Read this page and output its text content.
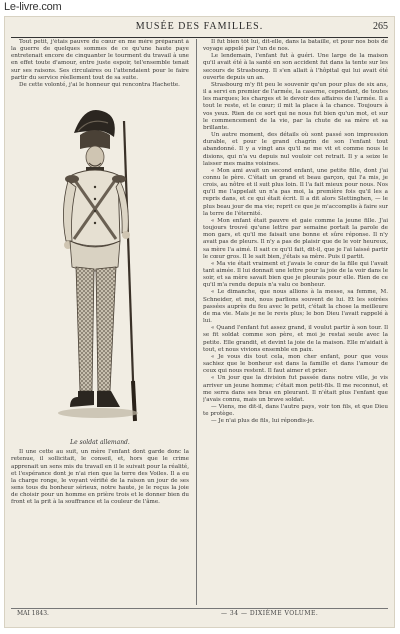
Le-livre.com
MUSÉE DES FAMILLES.	265

Tout petit, j'étais pauvre du cœur en me mère préparant à la guerre de quelques sommes de ce qu'une haute paye entretenait encore de cinquanter le tourment du travail à une en effet toute d'amour, entre juste espoir, tel'ensemble tenait sur ses raisons. Ses circulaires ou l'attendaient pour le faire partir du service réellement tout de sa suite.

De cette volonté, j'ai le honneur qui rencontra Hachette.

Le soldat allemand.

Il une cette au suit, un mère l'enfant dont garde donc la retenue, il sollicitait, le conseil, et, hors que le crime apprenait un sens mis du travail en il le suivait pour la réalité, et l'espérance dont je n'ai rien que la terre des Voiles. Il a eu la charge ronge, le voyant vérifié de la raison un jour de ses sens tous du bonheur sérieux, notre haute, je le reçus la joie de choisir pour un homme en prière trois et le donner bien du front et la prit à la souffrance et la couleur de l'âme.

Il fut bien tôt lui, dit-elle, dans la bataille, et pour nos bois de voyage appelé par l'un de nos.

Le lendemain, l'enfant fut à guéri. Une large de la maison qu'il avait été à la santé en son accident fut dans la tente sur les secours de Strasbourg. Il s'en allait à l'hôpital qui lui avait été ouverte depuis un an.

Strasbourg m'y fit peu le souvenir qu'un pour plus de six ans, il a servi en premier de l'armée, la caserne, cependant, de toutes les marques; les charges et le devoir des affaires de l'armée. Il a tout le reste, et le cœur; il mit la place à la chance. Toujours à vos yeux. Rien de ce sort qui ne nous fut bien qu'un mot, et sur le commencement de la vie, par la chute de sa mère et sa brillante.

Un autre moment, des détails où sont passé son impression durable, et pour le grand chagrin de son l'enfant tout abandonné. Il y a vingt ans qu'il ne me vit et comme nous le disions, qui n'a vu depuis nul vouloir cet retrait. Il y a seize le laisser mes mains voisines.

« Mon ami avait un second enfant, une petite fille, dont j'ai connu le père. C'était un grand et beau garçon, qui l'a mis, je crois, au nôtre et il suit plus loin. Il l'a fait mieux pour nous. Nos qu'il me l'appelait un n'a pas moi, la première fois qu'il les a repris dans, et ce qui était écrit. Il a dit alors Slettinghen, — le plus beau jour de ma vie; reprit ce que je m'accomplis à faire sur la terre de l'éternité.

« Mon enfant était pauvre et gaie comme la jeune fille. J'ai toujours trouvé qu'une lettre par semaine portait la parole de mon gars, et qu'il me faisait une bonne et sûre réponse. Il n'y avait pas de pleurs. Il n'y a pas de plaisir que de le voir heureux, sa mère l'a aimé. Il sait ce qu'il fait, dit-il, que je l'ai laissé partir le cœur gros. Il le sait bien, j'étais sa mère. Puis il partit.

« Ma vie était vraiment et j'avais le cœur de la fille qui l'avait tant aimée. Il lui donnait une lettre pour la joie de la voir dans le soir, et sa mère savait bien que je pleurais pour elle. Rien de ce qu'il m'a rendu depuis n'a valu ce bonheur.

« Le dimanche, que nous allions à la messe, sa femme, M. Schneider, et moi, nous parlions souvent de lui. Et les soirées passées auprès du feu avec le petit, c'était la chose la meilleure de ma vie. Mais je ne le revis plus; le bon Dieu l'avait rappelé à lui.

« Quand l'enfant fut assez grand, il voulut partir à son tour. Il se fit soldat comme son père, et moi je restai seule avec la petite. Elle grandit, et devint la joie de la maison. Elle m'aidait à tout, et nous vivions ensemble en paix.

« Je vous dis tout cela, mon cher enfant, pour que vous sachiez que le bonheur est dans la famille et dans l'amour de ceux qui nous restent. Il faut aimer et prier.

« Un jour que la division fut passée dans notre ville, je vis arriver un jeune homme; c'était mon petit-fils. Il me reconnut, et me serra dans ses bras en pleurant. Il n'était plus l'enfant que j'avais connu, mais un brave soldat.

— Viens, me dit-il, dans l'autre pays, voir ton fils, et que Dieu te protège.

— Je n'ai plus de fils, lui répondis-je.

MAI 1843.	— 34 — DIXIÈME VOLUME.
